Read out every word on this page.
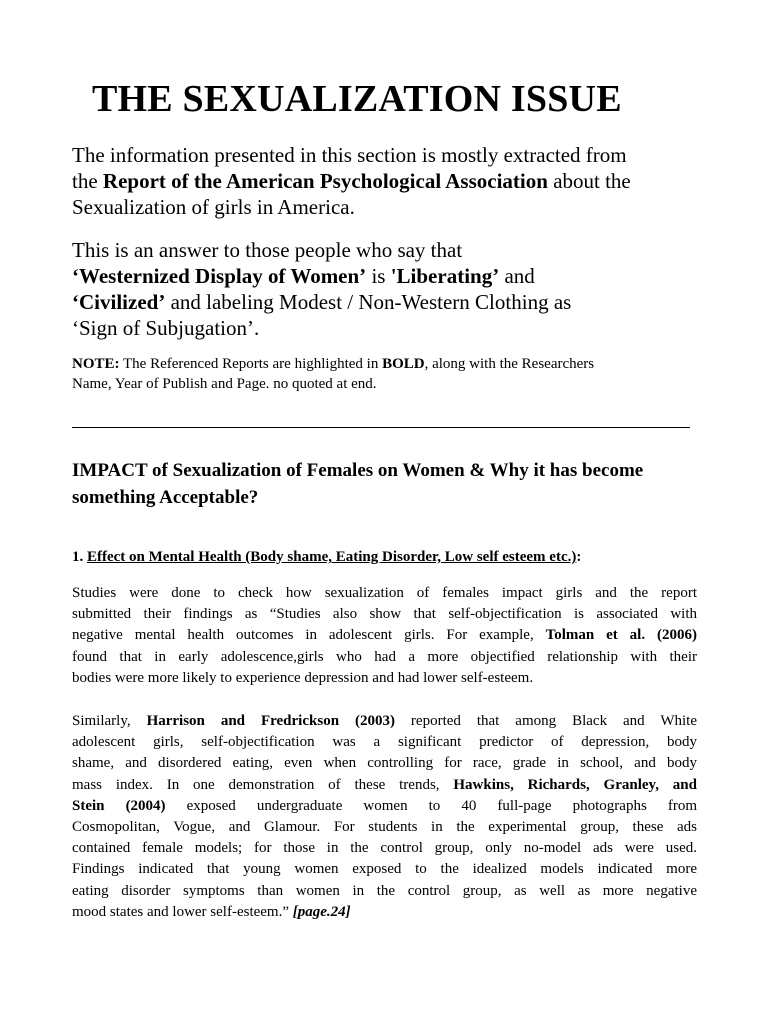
THE SEXUALIZATION ISSUE
The information presented in this section is mostly extracted from
the Report of the American Psychological Association about the
Sexualization of girls in America.
This is an answer to those people who say that
‘Westernized Display of Women’ is 'Liberating’ and
‘Civilized’ and labeling Modest / Non-Western Clothing as
‘Sign of Subjugation’.

NOTE: The Referenced Reports are highlighted in BOLD, along with the Researchers Name, Year of Publish and Page. no quoted at end.

IMPACT of Sexualization of Females on Women & Why it has become something Acceptable?

1. Effect on Mental Health (Body shame, Eating Disorder, Low self esteem etc.):

Studies were done to check how sexualization of females impact girls and the report
submitted their findings as “Studies also show that self-objectification is associated with
negative mental health outcomes in adolescent girls. For example, Tolman et al. (2006)
found that in early adolescence,girls who had a more objectified relationship with their
bodies were more likely to experience depression and had lower self-esteem.
Similarly, Harrison and Fredrickson (2003) reported that among Black and White
adolescent girls, self-objectification was a significant predictor of depression, body
shame, and disordered eating, even when controlling for race, grade in school, and body
mass index. In one demonstration of these trends, Hawkins, Richards, Granley, and
Stein (2004) exposed undergraduate women to 40 full-page photographs from
Cosmopolitan, Vogue, and Glamour. For students in the experimental group, these ads
contained female models; for those in the control group, only no-model ads were used.
Findings indicated that young women exposed to the idealized models indicated more
eating disorder symptoms than women in the control group, as well as more negative
mood states and lower self-esteem.” [page.24]
